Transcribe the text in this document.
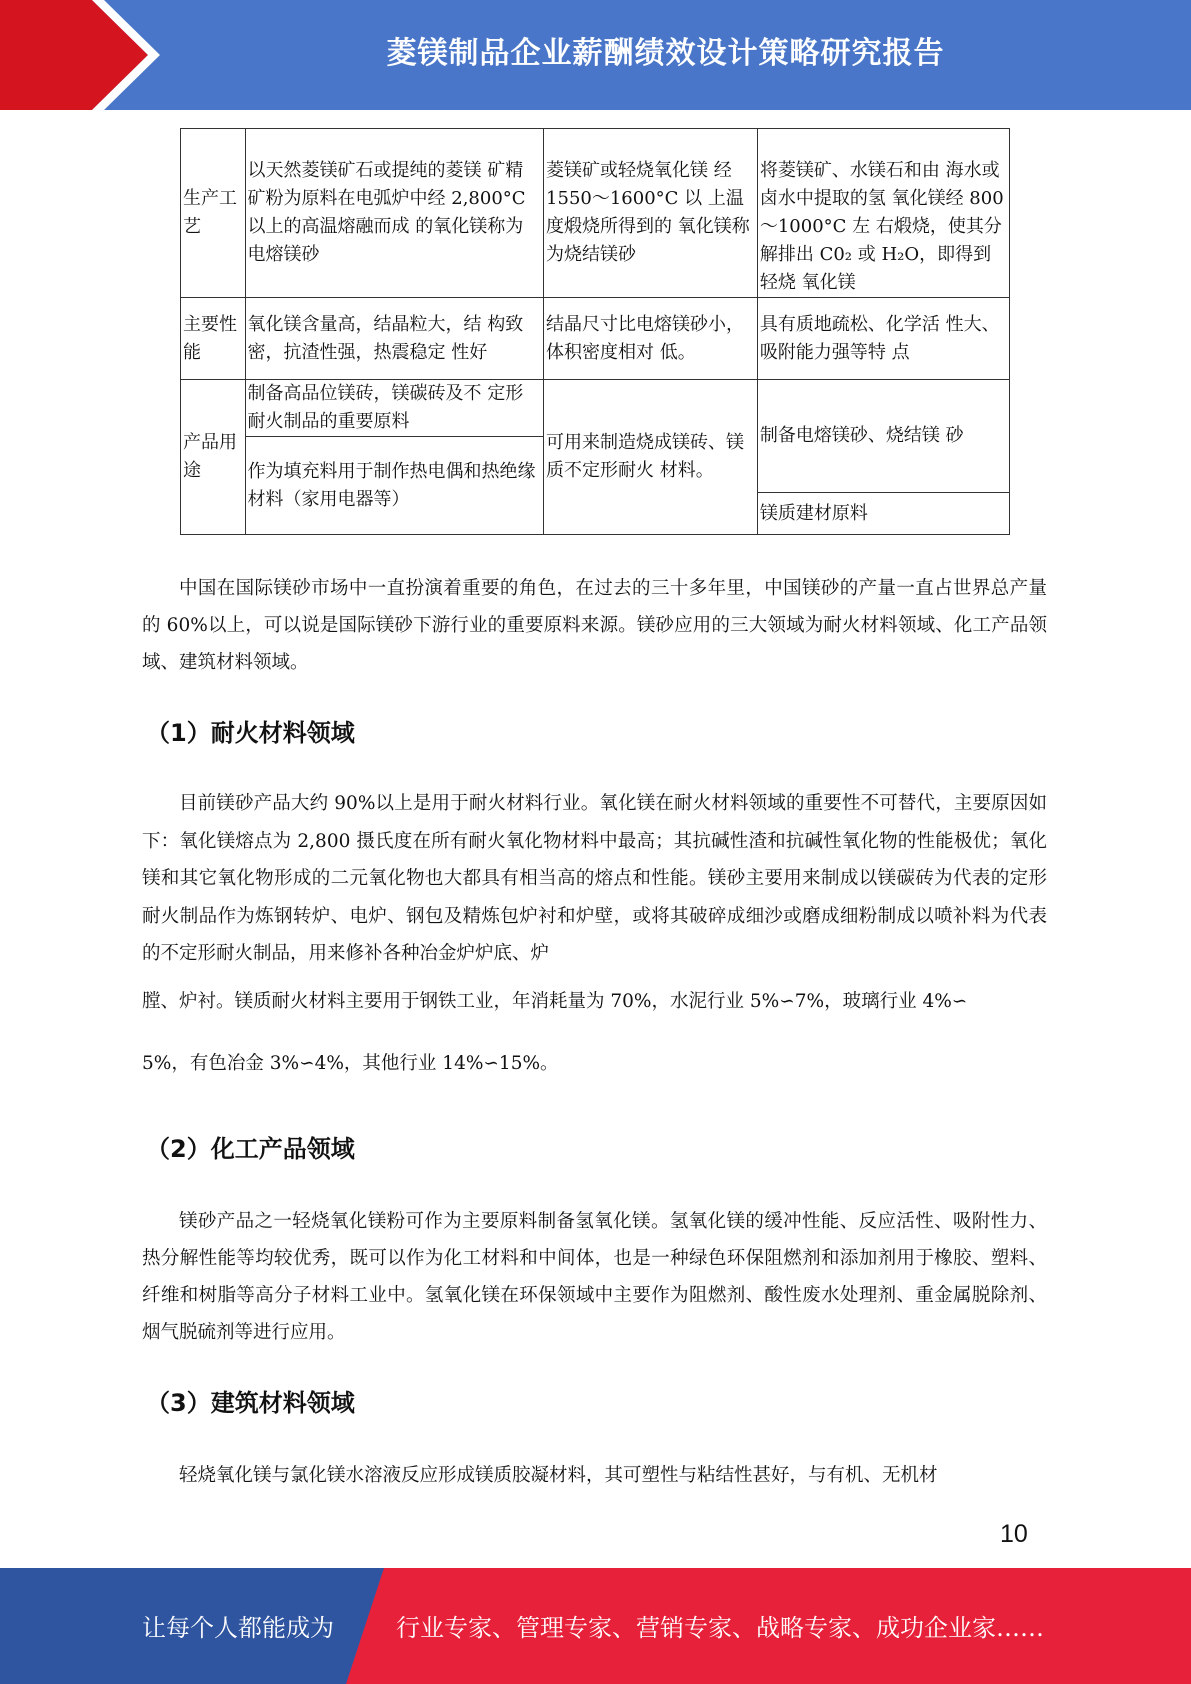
菱镁制品企业薪酬绩效设计策略研究报告
生产工艺	以天然菱镁矿石或提纯的菱镁 矿精矿粉为原料在电弧炉中经 2,800°C 以上的高温熔融而成 的氧化镁称为电熔镁砂	菱镁矿或轻烧氧化镁 经 1550～1600°C 以 上温度煅烧所得到的 氧化镁称为烧结镁砂	将菱镁矿、水镁石和由 海水或卤水中提取的氢 氧化镁经 800～1000°C 左 右煅烧，使其分解排出 C0₂ 或 H₂O，即得到轻烧 氧化镁
主要性能	氧化镁含量高，结晶粒大，结 构致密，抗渣性强，热震稳定 性好	结晶尺寸比电熔镁砂小，体积密度相对 低。	具有质地疏松、化学活 性大、吸附能力强等特 点
产品用途	制备高品位镁砖，镁碳砖及不 定形耐火制品的重要原料	可用来制造烧成镁砖、镁质不定形耐火 材料。	制备电熔镁砂、烧结镁 砂
	作为填充料用于制作热电偶和热绝缘材料（家用电器等）		
			镁质建材原料

中国在国际镁砂市场中一直扮演着重要的角色，在过去的三十多年里，中国镁砂的产量一直占世界总产量的 60%以上，可以说是国际镁砂下游行业的重要原料来源。镁砂应用的三大领域为耐火材料领域、化工产品领域、建筑材料领域。

（1）耐火材料领域

目前镁砂产品大约 90%以上是用于耐火材料行业。氧化镁在耐火材料领域的重要性不可替代，主要原因如下：氧化镁熔点为 2,800 摄氏度在所有耐火氧化物材料中最高；其抗碱性渣和抗碱性氧化物的性能极优；氧化镁和其它氧化物形成的二元氧化物也大都具有相当高的熔点和性能。镁砂主要用来制成以镁碳砖为代表的定形耐火制品作为炼钢转炉、电炉、钢包及精炼包炉衬和炉壁，或将其破碎成细沙或磨成细粉制成以喷补料为代表的不定形耐火制品，用来修补各种冶金炉炉底、炉

膛、炉衬。镁质耐火材料主要用于钢铁工业，年消耗量为 70%，水泥行业 5%∽7%，玻璃行业 4%∽

5%，有色冶金 3%∽4%，其他行业 14%∽15%。

（2）化工产品领域

镁砂产品之一轻烧氧化镁粉可作为主要原料制备氢氧化镁。氢氧化镁的缓冲性能、反应活性、吸附性力、热分解性能等均较优秀，既可以作为化工材料和中间体，也是一种绿色环保阻燃剂和添加剂用于橡胶、塑料、纤维和树脂等高分子材料工业中。氢氧化镁在环保领域中主要作为阻燃剂、酸性废水处理剂、重金属脱除剂、烟气脱硫剂等进行应用。

（3）建筑材料领域

轻烧氧化镁与氯化镁水溶液反应形成镁质胶凝材料，其可塑性与粘结性甚好，与有机、无机材

10
让每个人都能成为	行业专家、管理专家、营销专家、战略专家、成功企业家……
